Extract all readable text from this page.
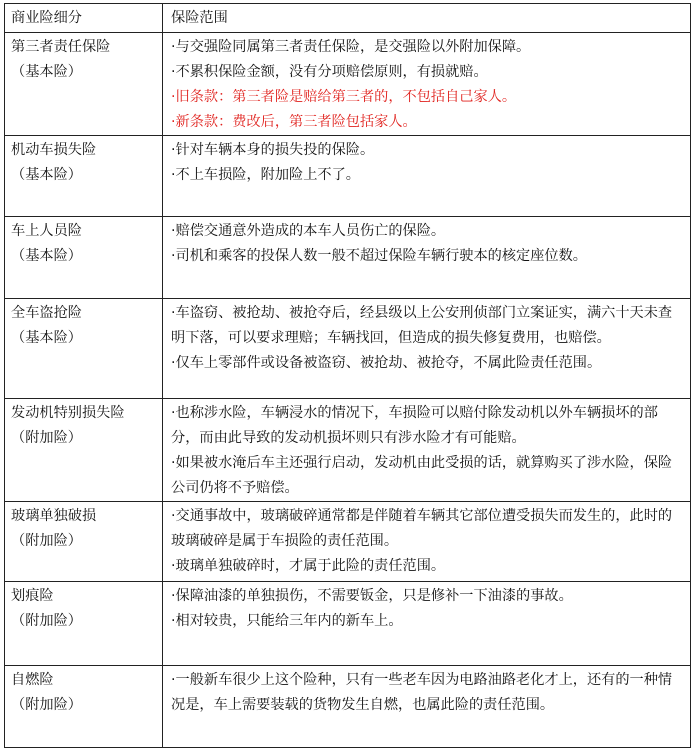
商业险细分	保险范围

第三者责任保险
（基本险）	·与交强险同属第三者责任保险，是交强险以外附加保障。
·不累积保险金额，没有分项赔偿原则，有损就赔。
·旧条款：第三者险是赔给第三者的，不包括自己家人。
·新条款：费改后，第三者险包括家人。

机动车损失险
（基本险）	·针对车辆本身的损失投的保险。
·不上车损险，附加险上不了。

车上人员险
（基本险）	·赔偿交通意外造成的本车人员伤亡的保险。
·司机和乘客的投保人数一般不超过保险车辆行驶本的核定座位数。

全车盗抢险
（基本险）	·车盗窃、被抢劫、被抢夺后，经县级以上公安刑侦部门立案证实，满六十天未查明下落，可以要求理赔；车辆找回，但造成的损失修复费用，也赔偿。
·仅车上零部件或设备被盗窃、被抢劫、被抢夺，不属此险责任范围。

发动机特别损失险
（附加险）	·也称涉水险，车辆浸水的情况下，车损险可以赔付除发动机以外车辆损坏的部分，而由此导致的发动机损坏则只有涉水险才有可能赔。
·如果被水淹后车主还强行启动，发动机由此受损的话，就算购买了涉水险，保险公司仍将不予赔偿。

玻璃单独破损
（附加险）	·交通事故中，玻璃破碎通常都是伴随着车辆其它部位遭受损失而发生的，此时的玻璃破碎是属于车损险的责任范围。
·玻璃单独破碎时，才属于此险的责任范围。

划痕险
（附加险）	·保障油漆的单独损伤，不需要钣金，只是修补一下油漆的事故。
·相对较贵，只能给三年内的新车上。

自燃险
（附加险）	·一般新车很少上这个险种，只有一些老车因为电路油路老化才上，还有的一种情况是，车上需要装载的货物发生自燃，也属此险的责任范围。
